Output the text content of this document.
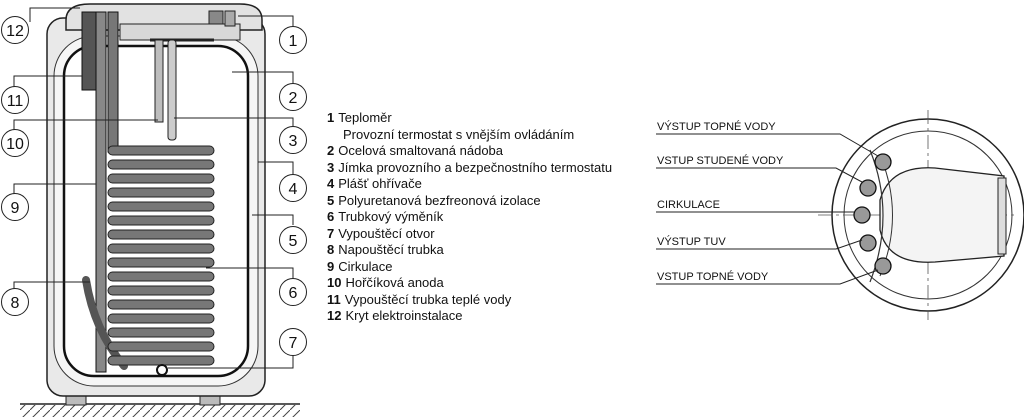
12
11
10
9
8
1
2
3
4
5
6
7
VÝSTUP TOPNÉ VODY
VSTUP STUDENÉ VODY
CIRKULACE
VÝSTUP TUV
VSTUP TOPNÉ VODY
1 Teploměr
Provozní termostat s vnějším ovládáním
2 Ocelová smaltovaná nádoba
3 Jímka provozního a bezpečnostního termostatu
4 Plášť ohřívače
5 Polyuretanová bezfreonová izolace
6 Trubkový výměník
7 Vypouštěcí otvor
8 Napouštěcí trubka
9 Cirkulace
10 Hořčíková anoda
11 Vypouštěcí trubka teplé vody
12 Kryt elektroinstalace
